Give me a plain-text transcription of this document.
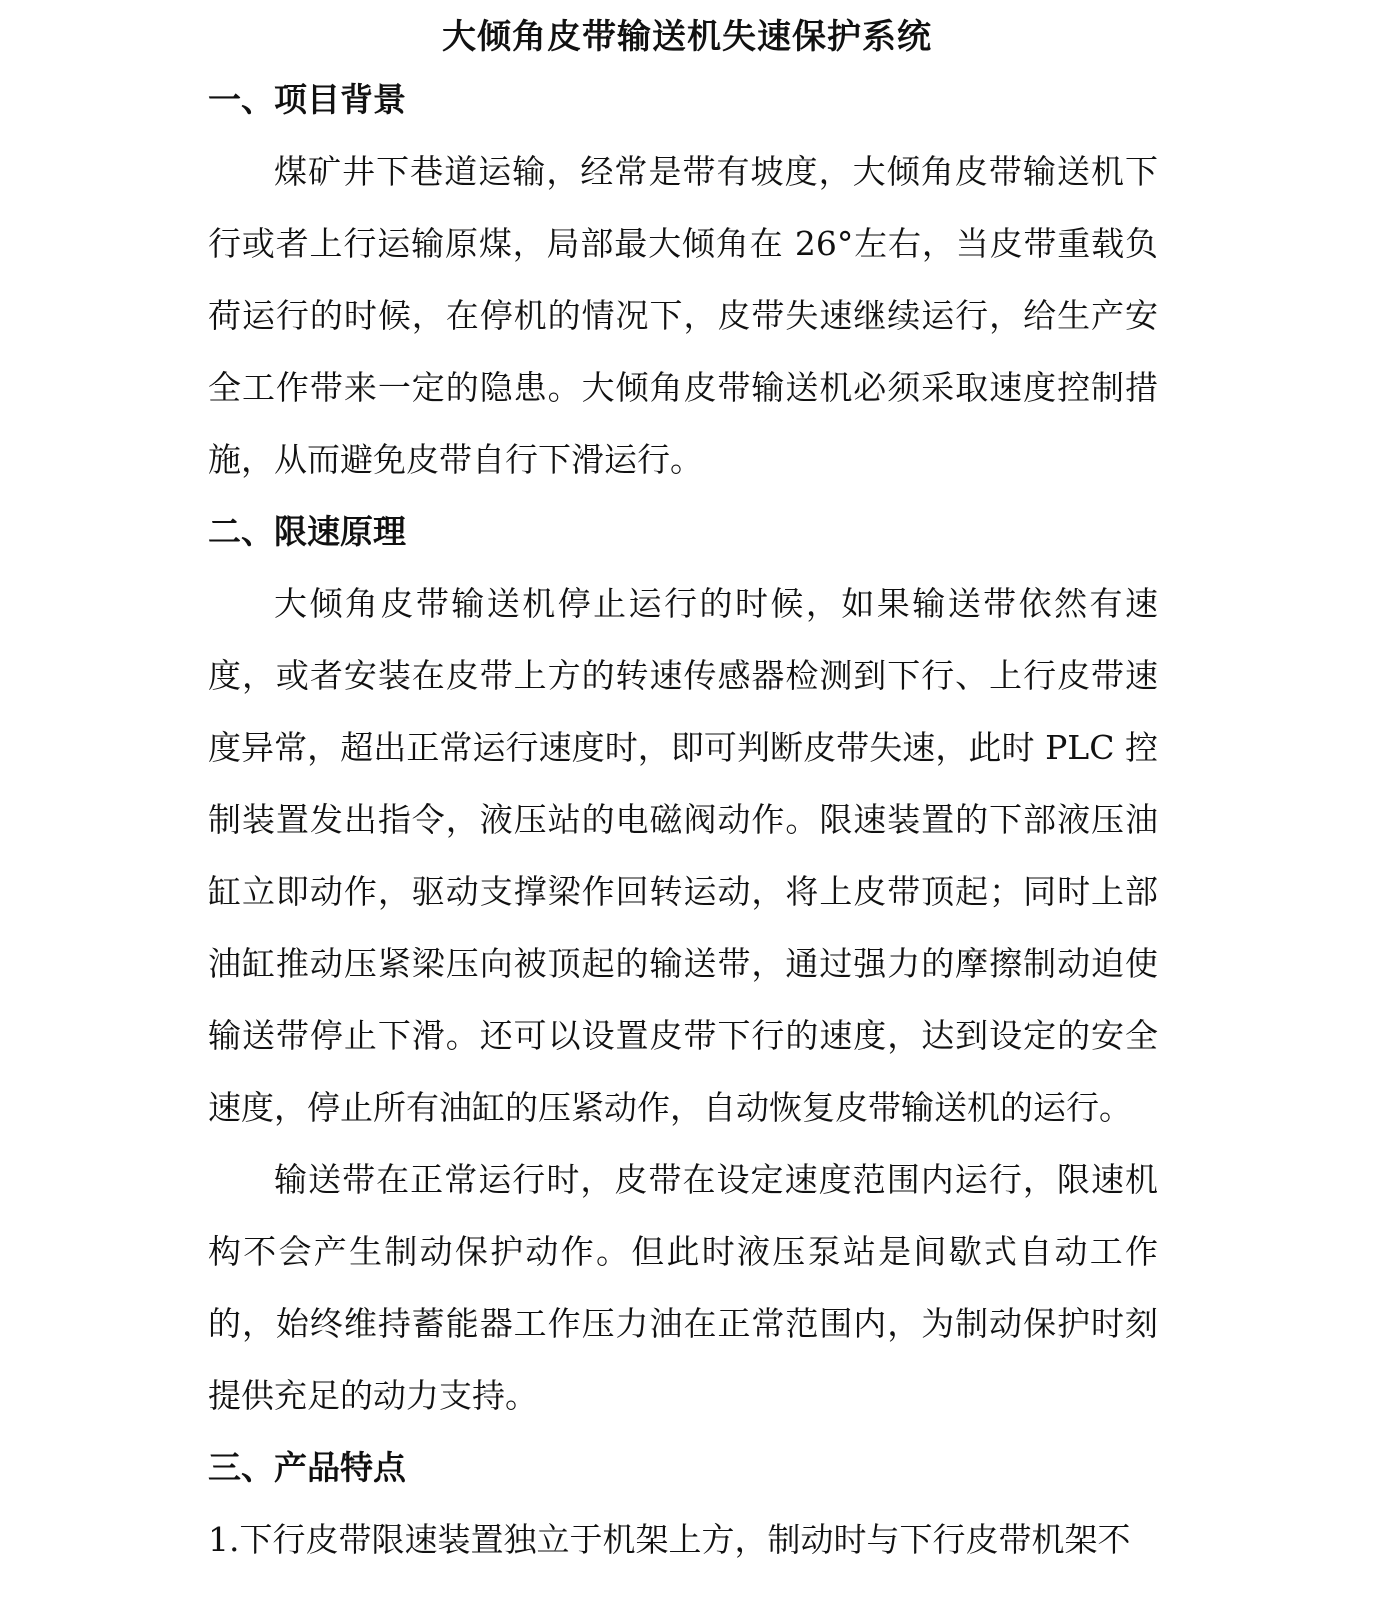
大倾角皮带输送机失速保护系统
一、项目背景

煤矿井下巷道运输，经常是带有坡度，大倾角皮带输送机下行或者上行运输原煤，局部最大倾角在 26°左右，当皮带重载负荷运行的时候，在停机的情况下，皮带失速继续运行，给生产安全工作带来一定的隐患。大倾角皮带输送机必须采取速度控制措施，从而避免皮带自行下滑运行。

二、限速原理

大倾角皮带输送机停止运行的时候，如果输送带依然有速度，或者安装在皮带上方的转速传感器检测到下行、上行皮带速度异常，超出正常运行速度时，即可判断皮带失速，此时 PLC 控制装置发出指令，液压站的电磁阀动作。限速装置的下部液压油缸立即动作，驱动支撑梁作回转运动，将上皮带顶起；同时上部油缸推动压紧梁压向被顶起的输送带，通过强力的摩擦制动迫使输送带停止下滑。还可以设置皮带下行的速度，达到设定的安全速度，停止所有油缸的压紧动作，自动恢复皮带输送机的运行。

输送带在正常运行时，皮带在设定速度范围内运行，限速机构不会产生制动保护动作。但此时液压泵站是间歇式自动工作的，始终维持蓄能器工作压力油在正常范围内，为制动保护时刻提供充足的动力支持。

三、产品特点

1.下行皮带限速装置独立于机架上方，制动时与下行皮带机架不
